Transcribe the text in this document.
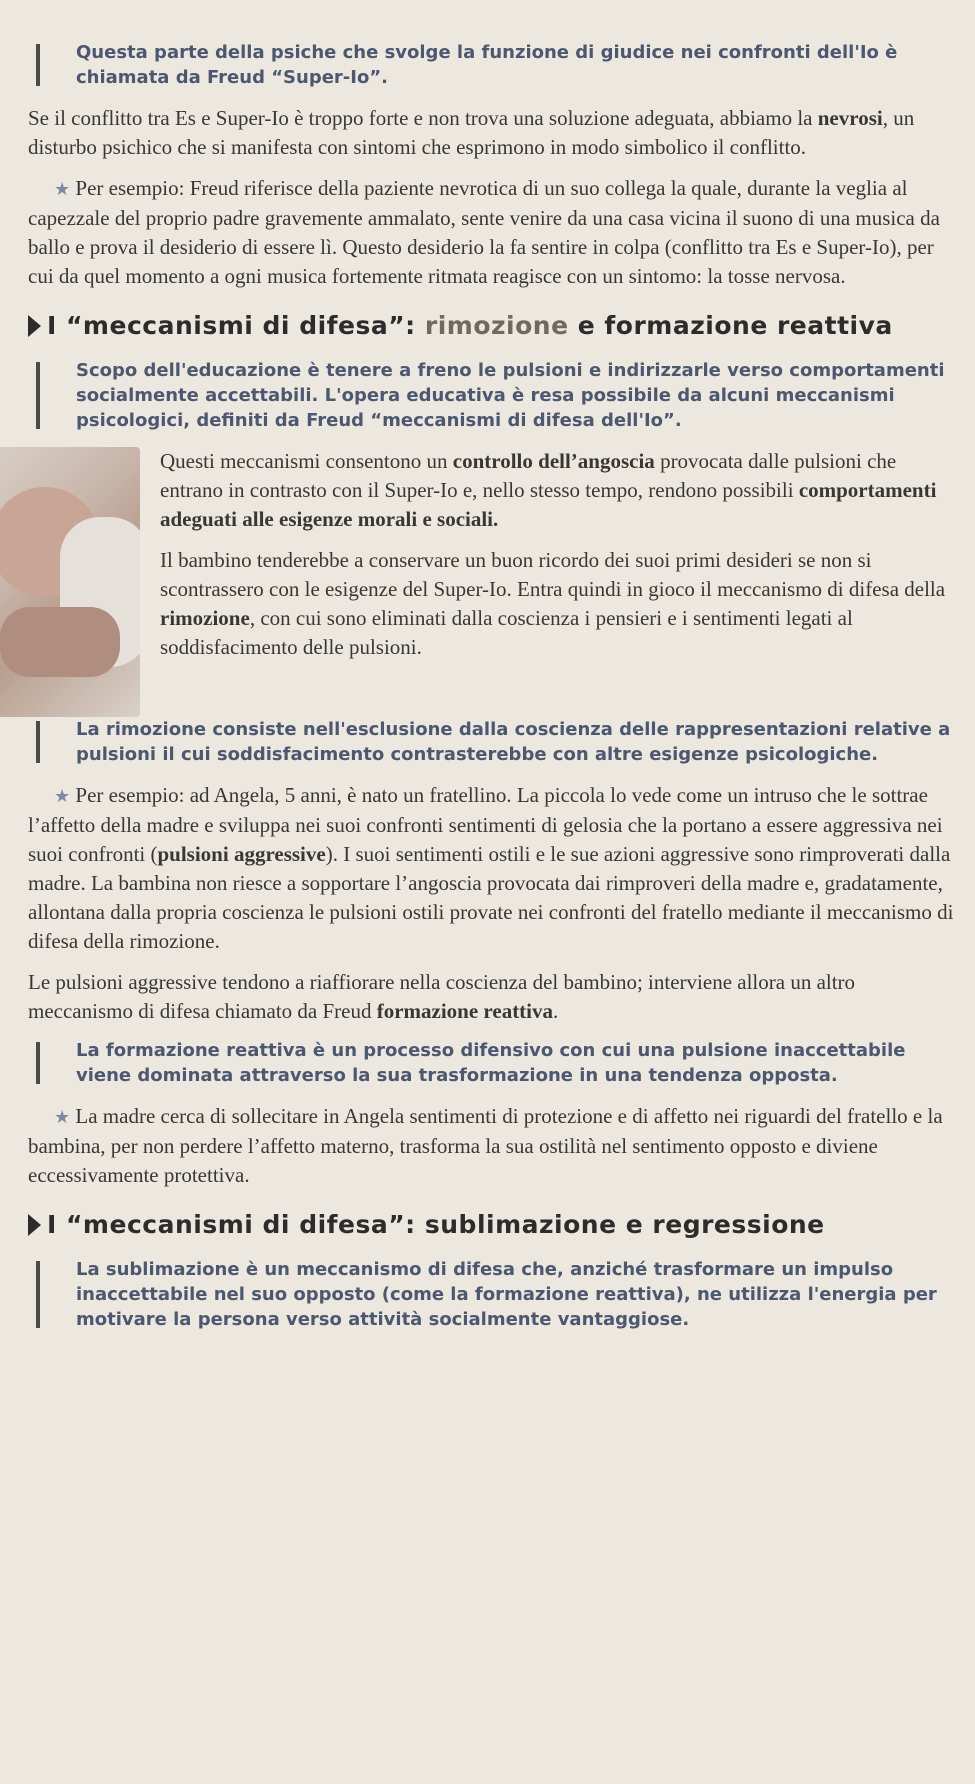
Questa parte della psiche che svolge la funzione di giudice nei confronti dell'Io è chiamata da Freud “Super-Io”.

Se il conflitto tra Es e Super-Io è troppo forte e non trova una soluzione adeguata, abbiamo la nevrosi, un disturbo psichico che si manifesta con sintomi che esprimono in modo simbolico il conflitto.

★ Per esempio: Freud riferisce della paziente nevrotica di un suo collega la quale, durante la veglia al capezzale del proprio padre gravemente ammalato, sente venire da una casa vicina il suono di una musica da ballo e prova il desiderio di essere lì. Questo desiderio la fa sentire in colpa (conflitto tra Es e Super-Io), per cui da quel momento a ogni musica fortemente ritmata reagisce con un sintomo: la tosse nervosa.

I “meccanismi di difesa”: rimozione e formazione reattiva
Scopo dell'educazione è tenere a freno le pulsioni e indirizzarle verso comportamenti socialmente accettabili. L'opera educativa è resa possibile da alcuni meccanismi psicologici, definiti da Freud “meccanismi di difesa dell'Io”.

Questi meccanismi consentono un controllo dell’angoscia provocata dalle pulsioni che entrano in contrasto con il Super-Io e, nello stesso tempo, rendono possibili comportamenti adeguati alle esigenze morali e sociali.

Il bambino tenderebbe a conservare un buon ricordo dei suoi primi desideri se non si scontrassero con le esigenze del Super-Io. Entra quindi in gioco il meccanismo di difesa della rimozione, con cui sono eliminati dalla coscienza i pensieri e i sentimenti legati al soddisfacimento delle pulsioni.

La rimozione consiste nell'esclusione dalla coscienza delle rappresentazioni relative a pulsioni il cui soddisfacimento contrasterebbe con altre esigenze psicologiche.

★ Per esempio: ad Angela, 5 anni, è nato un fratellino. La piccola lo vede come un intruso che le sottrae l’affetto della madre e sviluppa nei suoi confronti sentimenti di gelosia che la portano a essere aggressiva nei suoi confronti (pulsioni aggressive). I suoi sentimenti ostili e le sue azioni aggressive sono rimproverati dalla madre. La bambina non riesce a sopportare l’angoscia provocata dai rimproveri della madre e, gradatamente, allontana dalla propria coscienza le pulsioni ostili provate nei confronti del fratello mediante il meccanismo di difesa della rimozione.

Le pulsioni aggressive tendono a riaffiorare nella coscienza del bambino; interviene allora un altro meccanismo di difesa chiamato da Freud formazione reattiva.

La formazione reattiva è un processo difensivo con cui una pulsione inaccettabile viene dominata attraverso la sua trasformazione in una tendenza opposta.

★ La madre cerca di sollecitare in Angela sentimenti di protezione e di affetto nei riguardi del fratello e la bambina, per non perdere l’affetto materno, trasforma la sua ostilità nel sentimento opposto e diviene eccessivamente protettiva.

I “meccanismi di difesa”: sublimazione e regressione
La sublimazione è un meccanismo di difesa che, anziché trasformare un impulso inaccettabile nel suo opposto (come la formazione reattiva), ne utilizza l'energia per motivare la persona verso attività socialmente vantaggiose.
